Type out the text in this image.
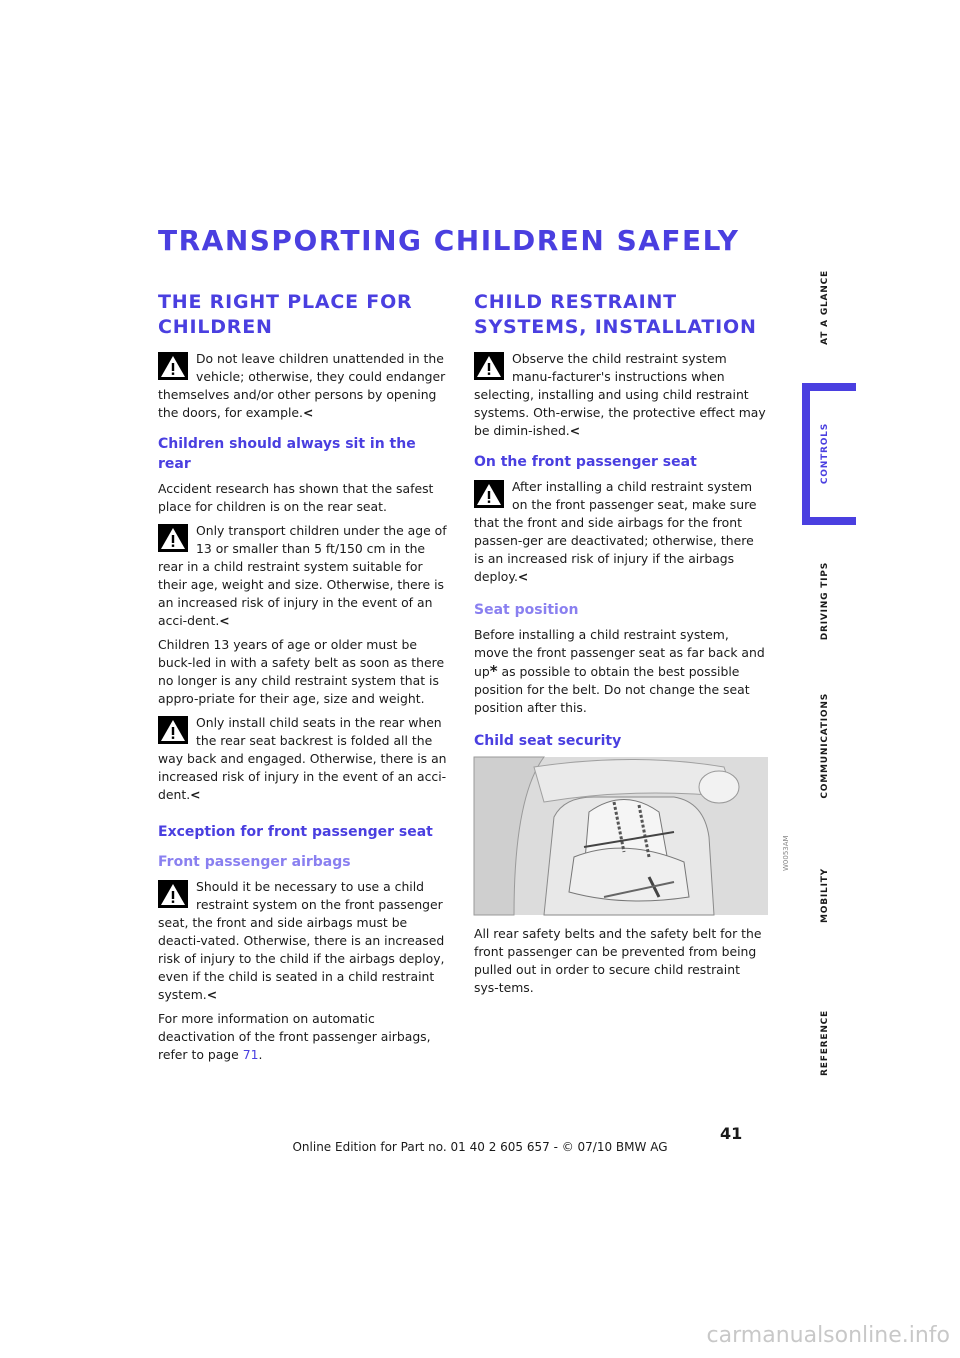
TRANSPORTING CHILDREN SAFELY
THE RIGHT PLACE FOR CHILDREN
Do not leave children unattended in the vehicle; otherwise, they could endanger themselves and/or other persons by opening the doors, for example.<
Children should always sit in the rear

Accident research has shown that the safest place for children is on the rear seat.

Only transport children under the age of 13 or smaller than 5 ft/150 cm in the rear in a child restraint system suitable for their age, weight and size. Otherwise, there is an increased risk of injury in the event of an acci-dent.<

Children 13 years of age or older must be buck-led in with a safety belt as soon as there no longer is any child restraint system that is appro-priate for their age, size and weight.

Only install child seats in the rear when the rear seat backrest is folded all the way back and engaged. Otherwise, there is an increased risk of injury in the event of an acci-dent.<
Exception for front passenger seat
Front passenger airbags
Should it be necessary to use a child restraint system on the front passenger seat, the front and side airbags must be deacti-vated. Otherwise, there is an increased risk of injury to the child if the airbags deploy, even if the child is seated in a child restraint system.<

For more information on automatic deactivation of the front passenger airbags, refer to page 71.

CHILD RESTRAINT SYSTEMS, INSTALLATION
Observe the child restraint system manu-facturer's instructions when selecting, installing and using child restraint systems. Oth-erwise, the protective effect may be dimin-ished.<
On the front passenger seat
After installing a child restraint system on the front passenger seat, make sure that the front and side airbags for the front passen-ger are deactivated; otherwise, there is an increased risk of injury if the airbags deploy.<
Seat position

Before installing a child restraint system, move the front passenger seat as far back and up* as possible to obtain the best possible position for the belt. Do not change the seat position after this.

Child seat security
W0053AM

All rear safety belts and the safety belt for the front passenger can be prevented from being pulled out in order to secure child restraint sys-tems.

AT A GLANCE
CONTROLS
DRIVING TIPS
COMMUNICATIONS
MOBILITY
REFERENCE
41
Online Edition for Part no. 01 40 2 605 657 - © 07/10 BMW AG
carmanualsonline.info
